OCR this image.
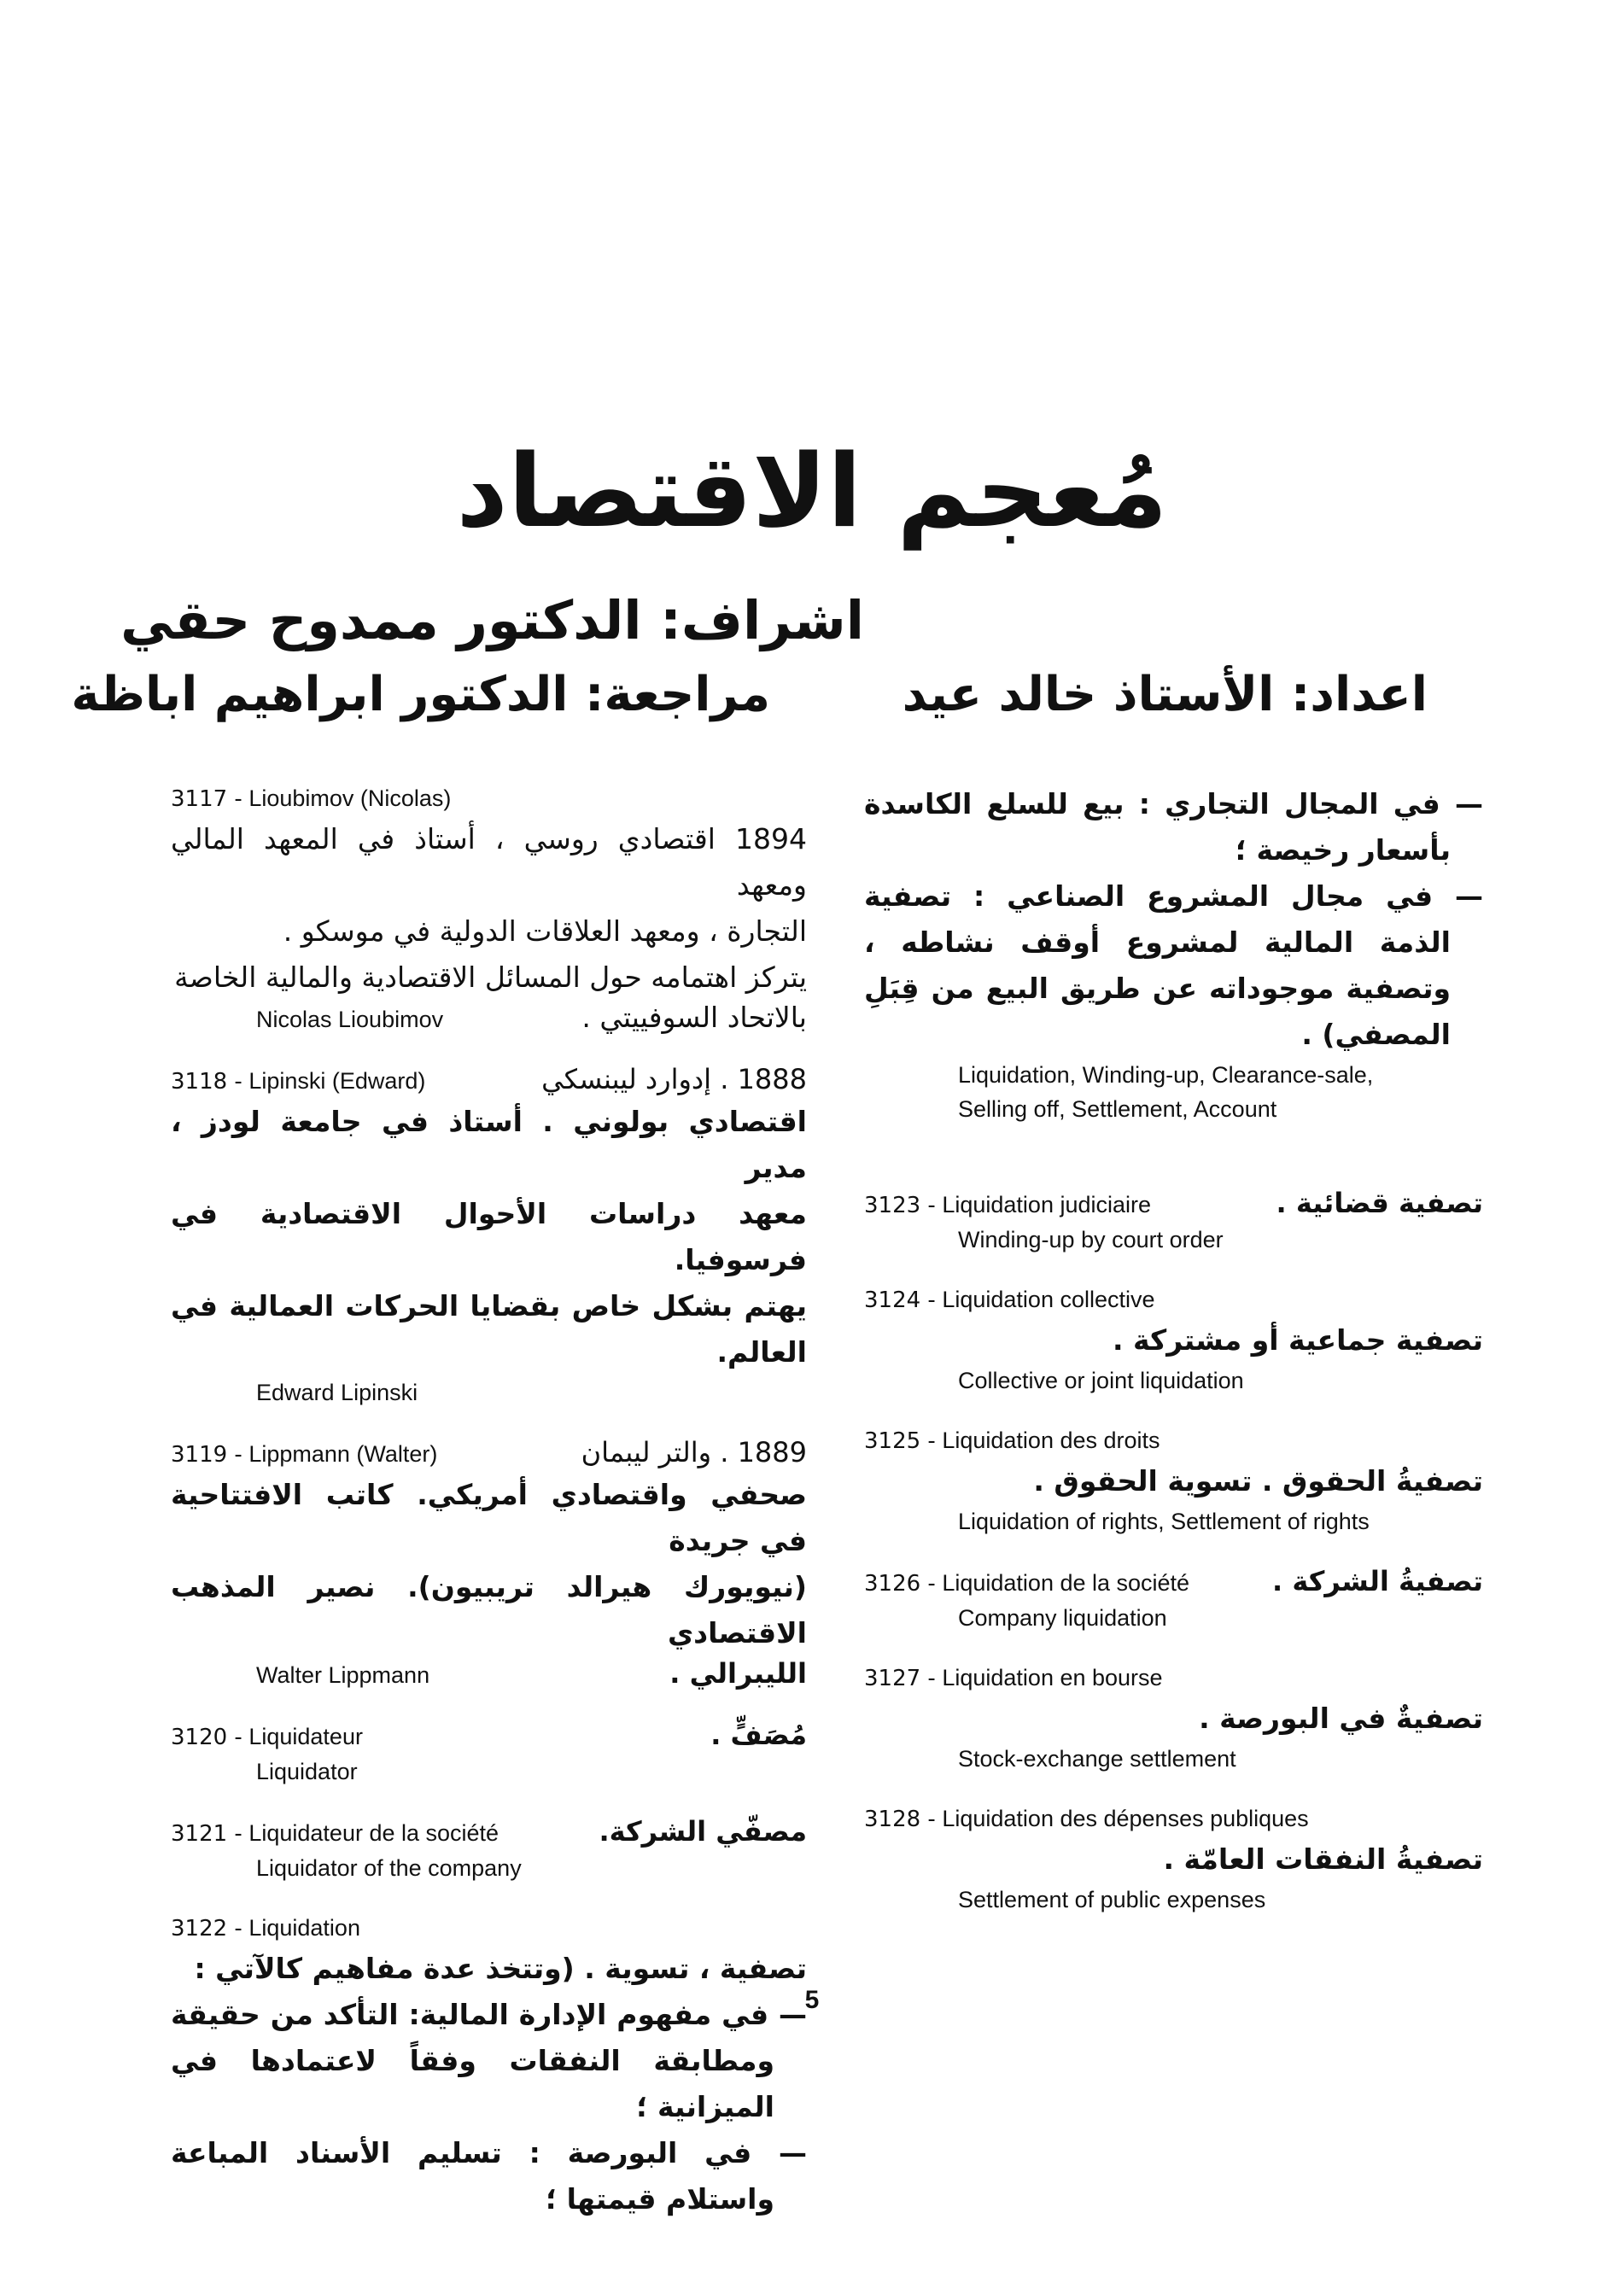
مُعجم الاقتصاد
اشراف: الدكتور ممدوح حقي
اعداد: الأستاذ خالد عيد
مراجعة: الدكتور ابراهيم اباظة
3117 - Lioubimov (Nicolas)
1894 اقتصادي روسي ، أستاذ في المعهد المالي ومعهد
التجارة ، ومعهد العلاقات الدولية في موسكو .
يتركز اهتمامه حول المسائل الاقتصادية والمالية الخاصة
Nicolas Lioubimov	بالاتحاد السوفييتي .
3118 - Lipinski (Edward)	1888 . إدوارد ليبنسكي
اقتصادي بولوني . أستاذ في جامعة لودز ، مدير
معهد دراسات الأحوال الاقتصادية في فرسوفيا.
يهتم بشكل خاص بقضايا الحركات العمالية في العالم.
Edward Lipinski
3119 - Lippmann (Walter)	1889 . والتر ليبمان
صحفي واقتصادي أمريكي. كاتب الافتتاحية في جريدة
(نيويورك هيرالد تريبيون). نصير المذهب الاقتصادي
Walter Lippmann	الليبرالي .
3120 - Liquidateur	مُصَفٍّ .
Liquidator
3121 - Liquidateur de la société	مصفّي الشركة.
Liquidator of the company
3122 - Liquidation
تصفية ، تسوية . (وتتخذ عدة مفاهيم كالآتي :
— في مفهوم الإدارة المالية: التأكد من حقيقة ومطابقة النفقات وفقاً لاعتمادها في الميزانية ؛
— في البورصة : تسليم الأسناد المباعة واستلام قيمتها ؛
— في المجال التجاري : بيع للسلع الكاسدة بأسعار رخيصة ؛
— في مجال المشروع الصناعي : تصفية الذمة المالية لمشروع أوقف نشاطه ، وتصفية موجوداته عن طريق البيع من قِبَلِ المصفي) .
Liquidation, Winding-up, Clearance-sale,
Selling off, Settlement, Account
3123 - Liquidation judiciaire	تصفية قضائية .
Winding-up by court order
3124 - Liquidation collective
تصفية جماعية أو مشتركة .
Collective or joint liquidation
3125 - Liquidation des droits
تصفيةُ الحقوق . تسوية الحقوق .
Liquidation of rights, Settlement of rights
3126 - Liquidation de la société	تصفيةُ الشركة .
Company liquidation
3127 - Liquidation en bourse
تصفيةٌ في البورصة .
Stock-exchange settlement
3128 - Liquidation des dépenses publiques
تصفيةُ النفقات العامّة .
Settlement of public expenses
5
